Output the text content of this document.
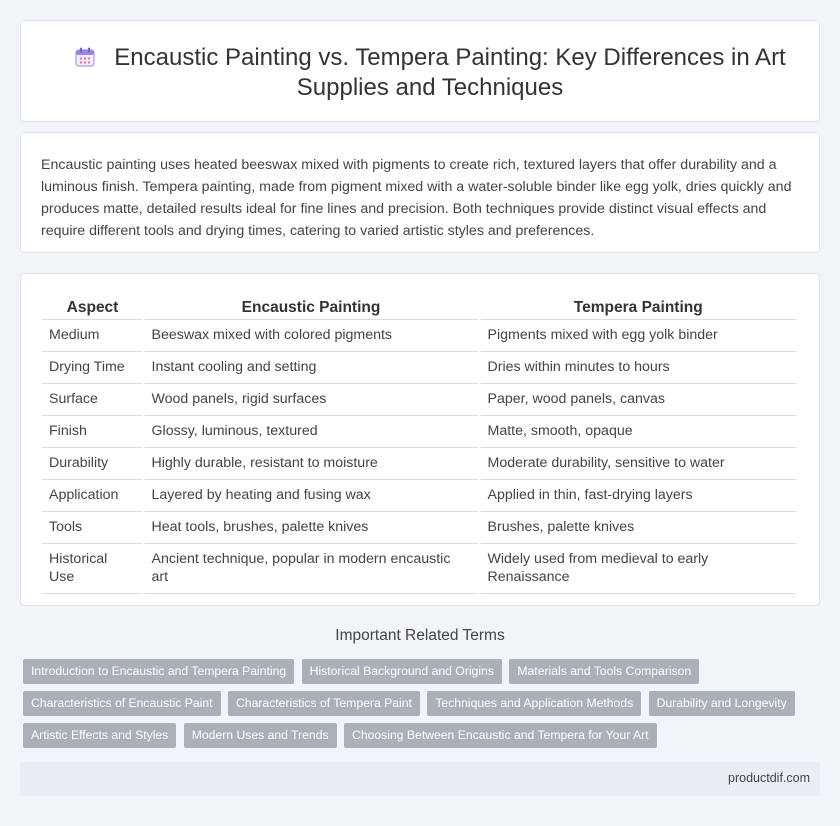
Encaustic Painting vs. Tempera Painting: Key Differences in Art Supplies and Techniques

Encaustic painting uses heated beeswax mixed with pigments to create rich, textured layers that offer durability and a luminous finish. Tempera painting, made from pigment mixed with a water-soluble binder like egg yolk, dries quickly and produces matte, detailed results ideal for fine lines and precision. Both techniques provide distinct visual effects and require different tools and drying times, catering to varied artistic styles and preferences.

Aspect	Encaustic Painting	Tempera Painting
Medium	Beeswax mixed with colored pigments	Pigments mixed with egg yolk binder
Drying Time	Instant cooling and setting	Dries within minutes to hours
Surface	Wood panels, rigid surfaces	Paper, wood panels, canvas
Finish	Glossy, luminous, textured	Matte, smooth, opaque
Durability	Highly durable, resistant to moisture	Moderate durability, sensitive to water
Application	Layered by heating and fusing wax	Applied in thin, fast-drying layers
Tools	Heat tools, brushes, palette knives	Brushes, palette knives
Historical Use	Ancient technique, popular in modern encaustic art	Widely used from medieval to early Renaissance
Important Related Terms
Introduction to Encaustic and Tempera Painting Historical Background and Origins Materials and Tools Comparison Characteristics of Encaustic Paint Characteristics of Tempera Paint Techniques and Application Methods Durability and Longevity Artistic Effects and Styles Modern Uses and Trends Choosing Between Encaustic and Tempera for Your Art
productdif.com
